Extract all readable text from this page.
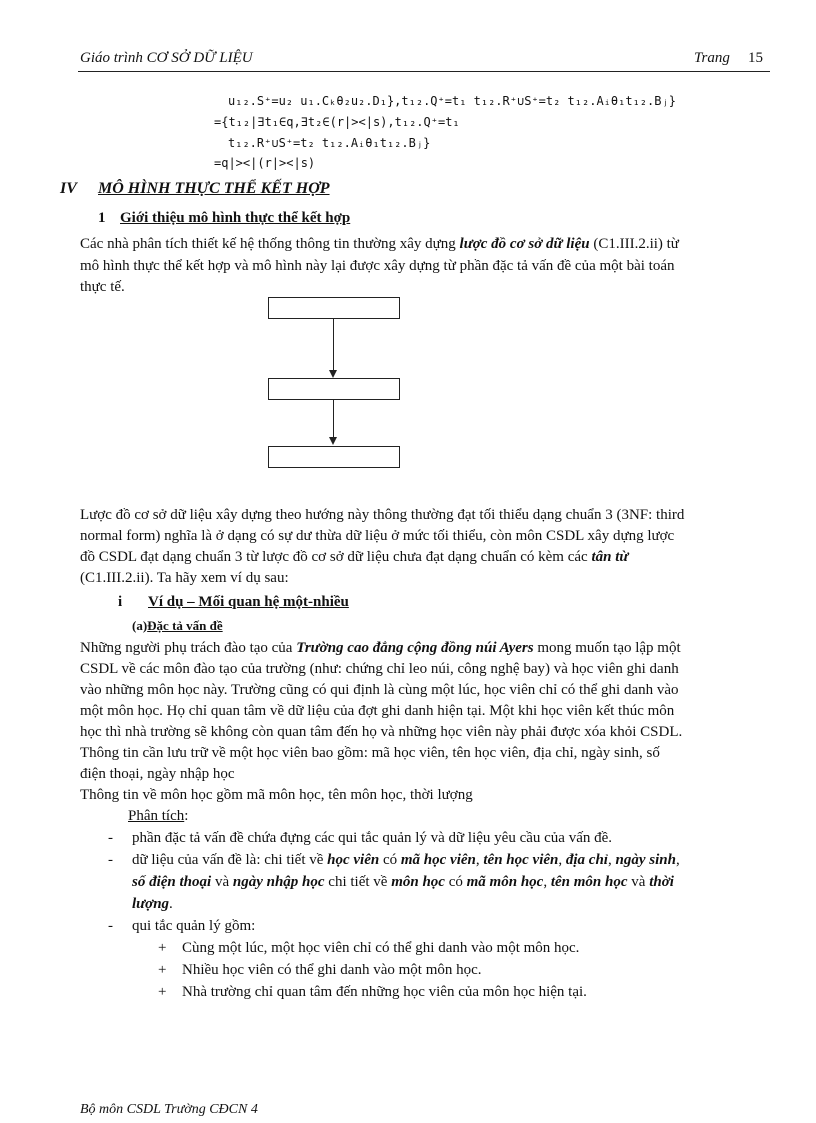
Giáo trình CƠ SỞ DỮ LIỆU	Trang 15
u₁₂.S⁺=u₂ u₁.Cₖθ₂u₂.D₁},t₁₂.Q⁺=t₁ t₁₂.R⁺∪S⁺=t₂ t₁₂.Aᵢθ₁t₁₂.Bⱼ}
={t₁₂|∃t₁∈q,∃t₂∈(r|><|s),t₁₂.Q⁺=t₁
t₁₂.R⁺∪S⁺=t₂ t₁₂.Aᵢθ₁t₁₂.Bⱼ}
=q|><|(r|><|s)
IV MÔ HÌNH THỰC THỂ KẾT HỢP
1 Giới thiệu mô hình thực thể kết hợp
Các nhà phân tích thiết kế hệ thống thông tin thường xây dựng lược đồ cơ sở dữ liệu (C1.III.2.ii) từ
mô hình thực thể kết hợp và mô hình này lại được xây dựng từ phần đặc tả vấn đề của một bài toán
thực tế.
Lược đồ cơ sở dữ liệu xây dựng theo hướng này thông thường đạt tối thiểu dạng chuẩn 3 (3NF: third
normal form) nghĩa là ở dạng có sự dư thừa dữ liệu ở mức tối thiểu, còn môn CSDL xây dựng lược
đồ CSDL đạt dạng chuẩn 3 từ lược đồ cơ sở dữ liệu chưa đạt dạng chuẩn có kèm các tân từ
(C1.III.2.ii). Ta hãy xem ví dụ sau:
i Ví dụ – Mối quan hệ một-nhiều
(a)Đặc tả vấn đề
Những người phụ trách đào tạo của Trường cao đẳng cộng đồng núi Ayers mong muốn tạo lập một
CSDL về các môn đào tạo của trường (như: chứng chỉ leo núi, công nghệ bay) và học viên ghi danh
vào những môn học này. Trường cũng có qui định là cùng một lúc, học viên chỉ có thể ghi danh vào
một môn học. Họ chỉ quan tâm về dữ liệu của đợt ghi danh hiện tại. Một khi học viên kết thúc môn
học thì nhà trường sẽ không còn quan tâm đến họ và những học viên này phải được xóa khỏi CSDL.
Thông tin cần lưu trữ về một học viên bao gồm: mã học viên, tên học viên, địa chỉ, ngày sinh, số
điện thoại, ngày nhập học
Thông tin về môn học gồm mã môn học, tên môn học, thời lượng
Phân tích:
- phần đặc tả vấn đề chứa đựng các qui tắc quản lý và dữ liệu yêu cầu của vấn đề.
- dữ liệu của vấn đề là: chi tiết về học viên có mã học viên, tên học viên, địa chỉ, ngày sinh,
số điện thoại và ngày nhập học chi tiết về môn học có mã môn học, tên môn học và thời
lượng.
- qui tắc quản lý gồm:
+ Cùng một lúc, một học viên chỉ có thể ghi danh vào một môn học.
+ Nhiều học viên có thể ghi danh vào một môn học.
+ Nhà trường chỉ quan tâm đến những học viên của môn học hiện tại.
Bộ môn CSDL Trường CĐCN 4
